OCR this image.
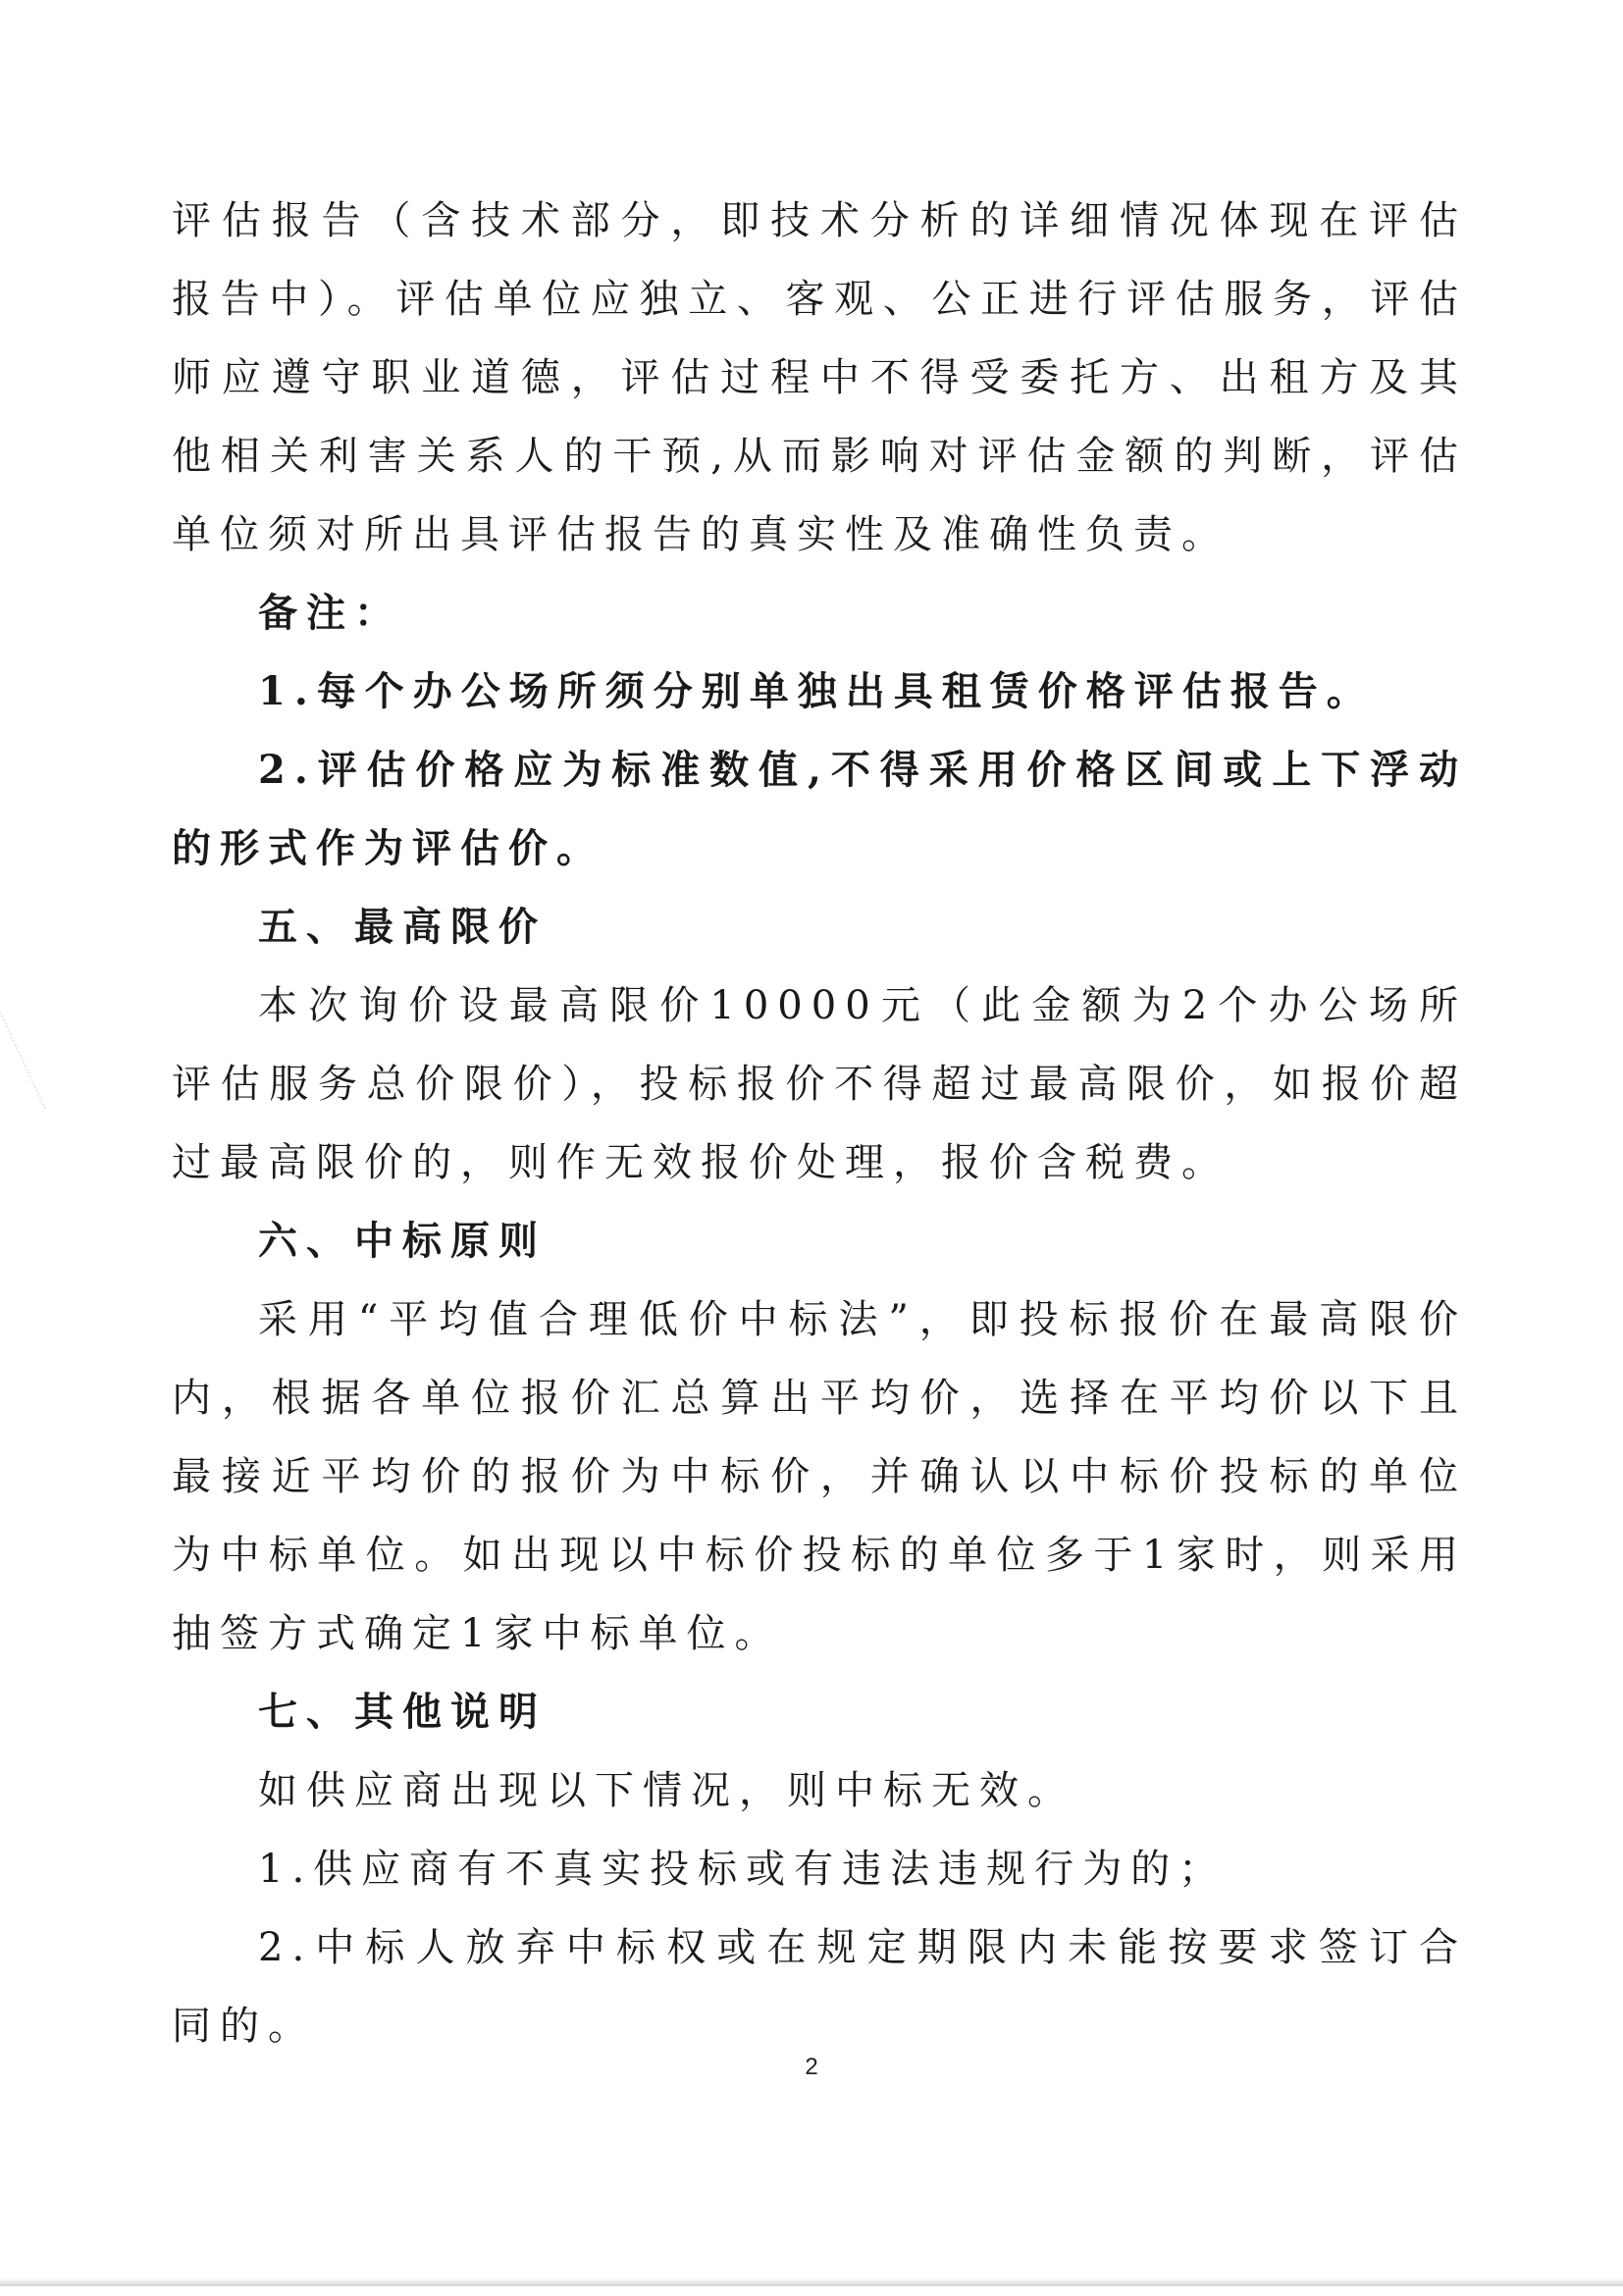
评估报告（含技术部分，即技术分析的详细情况体现在评估报告中）。评估单位应独立、客观、公正进行评估服务，评估师应遵守职业道德，评估过程中不得受委托方、出租方及其他相关利害关系人的干预,从而影响对评估金额的判断，评估单位须对所出具评估报告的真实性及准确性负责。

备注：

1.每个办公场所须分别单独出具租赁价格评估报告。

2.评估价格应为标准数值,不得采用价格区间或上下浮动的形式作为评估价。

五、最高限价

本次询价设最高限价10000元（此金额为2个办公场所评估服务总价限价），投标报价不得超过最高限价，如报价超过最高限价的，则作无效报价处理，报价含税费。

六、中标原则

采用“平均值合理低价中标法”，即投标报价在最高限价内，根据各单位报价汇总算出平均价，选择在平均价以下且最接近平均价的报价为中标价，并确认以中标价投标的单位为中标单位。如出现以中标价投标的单位多于1家时，则采用抽签方式确定1家中标单位。

七、其他说明

如供应商出现以下情况，则中标无效。

1.供应商有不真实投标或有违法违规行为的；

2.中标人放弃中标权或在规定期限内未能按要求签订合同的。

2
